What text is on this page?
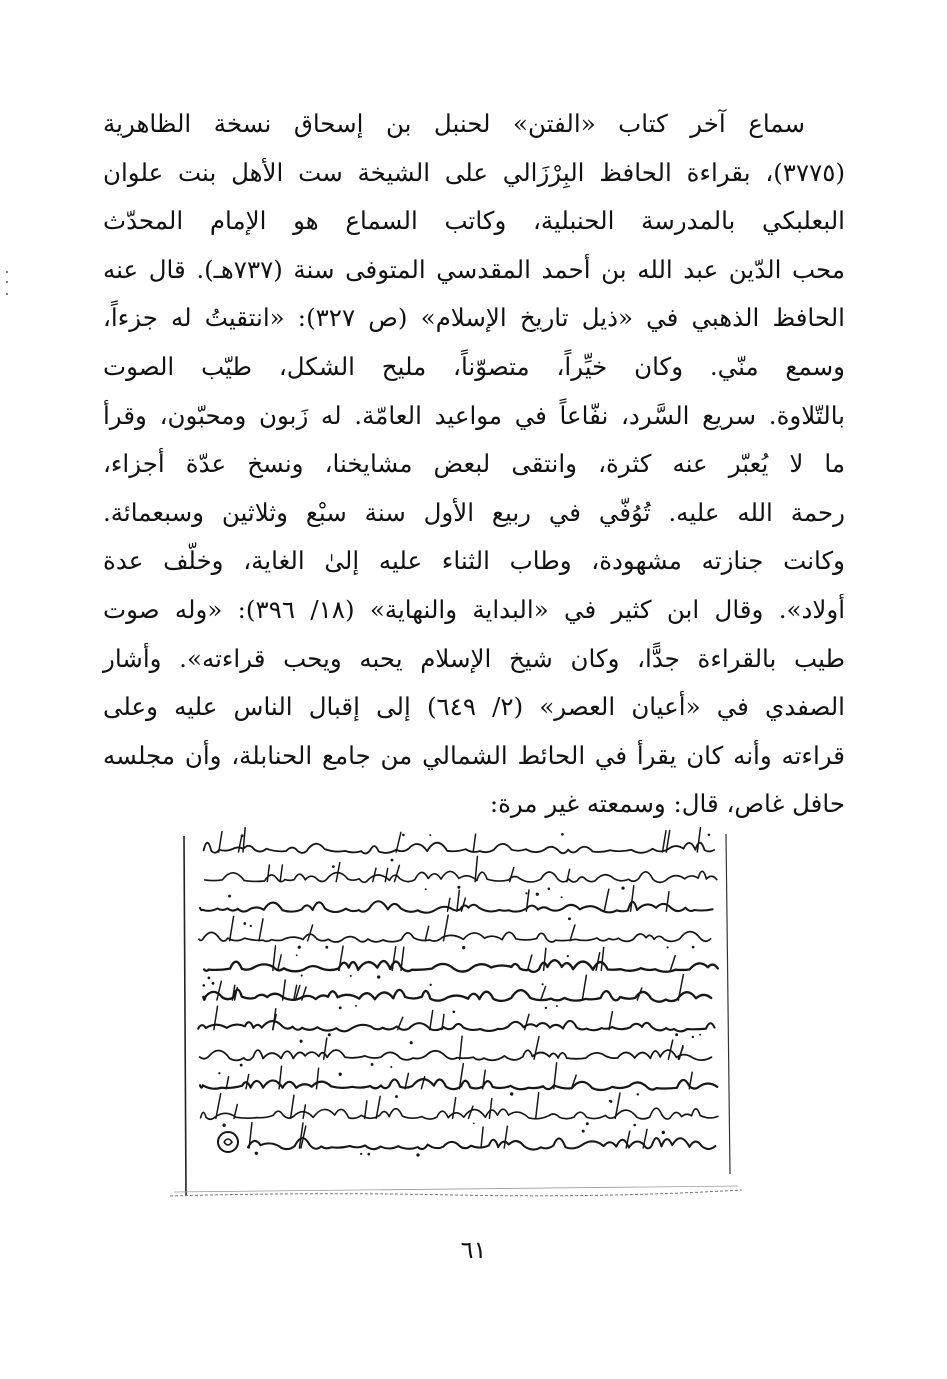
سماع آخر كتاب «الفتن» لحنبل بن إسحاق نسخة الظاهرية
(٣٧٧٥)، بقراءة الحافظ البِرْزَالي على الشيخة ست الأهل بنت علوان
البعلبكي بالمدرسة الحنبلية، وكاتب السماع هو الإمام المحدّث
محب الدّين عبد الله بن أحمد المقدسي المتوفى سنة (٧٣٧هـ). قال عنه
الحافظ الذهبي في «ذيل تاريخ الإسلام» (ص ٣٢٧): «انتقيتُ له جزءاً،
وسمع منّي. وكان خيِّراً، متصوّناً، مليح الشكل، طيّب الصوت
بالتّلاوة. سريع السَّرد، نفّاعاً في مواعيد العامّة. له زَبون ومحبّون، وقرأ
ما لا يُعبّر عنه كثرة، وانتقى لبعض مشايخنا، ونسخ عدّة أجزاء،
رحمة الله عليه. تُوُفّي في ربيع الأول سنة سبْع وثلاثين وسبعمائة.
وكانت جنازته مشهودة، وطاب الثناء عليه إلىٰ الغاية، وخلّف عدة
أولاد». وقال ابن كثير في «البداية والنهاية» (١٨/ ٣٩٦): «وله صوت
طيب بالقراءة جدًّا، وكان شيخ الإسلام يحبه ويحب قراءته». وأشار
الصفدي في «أعيان العصر» (٢/ ٦٤٩) إلى إقبال الناس عليه وعلى
قراءته وأنه كان يقرأ في الحائط الشمالي من جامع الحنابلة، وأن مجلسه
حافل غاص، قال: وسمعته غير مرة:
٦١
